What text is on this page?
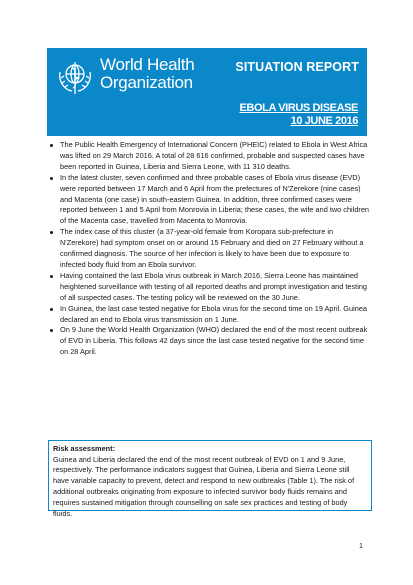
World Health
Organization
SITUATION REPORT
EBOLA VIRUS DISEASE
10 JUNE 2016
The Public Health Emergency of International Concern (PHEIC) related to Ebola in West Africa was lifted on 29 March 2016. A total of 28 616 confirmed, probable and suspected cases have been reported in Guinea, Liberia and Sierra Leone, with 11 310 deaths.
In the latest cluster, seven confirmed and three probable cases of Ebola virus disease (EVD) were reported between 17 March and 6 April from the prefectures of N'Zerekore (nine cases) and Macenta (one case) in south-eastern Guinea. In addition, three confirmed cases were reported between 1 and 5 April from Monrovia in Liberia; these cases, the wife and two children of the Macenta case, travelled from Macenta to Monrovia.
The index case of this cluster (a 37-year-old female from Koropara sub-prefecture in N'Zerekore) had symptom onset on or around 15 February and died on 27 February without a confirmed diagnosis. The source of her infection is likely to have been due to exposure to infected body fluid from an Ebola survivor.
Having contained the last Ebola virus outbreak in March 2016, Sierra Leone has maintained heightened surveillance with testing of all reported deaths and prompt investigation and testing of all suspected cases. The testing policy will be reviewed on the 30 June.
In Guinea, the last case tested negative for Ebola virus for the second time on 19 April. Guinea declared an end to Ebola virus transmission on 1 June.
On 9 June the World Health Organization (WHO) declared the end of the most recent outbreak of EVD in Liberia. This follows 42 days since the last case tested negative for the second time on 28 April.
Risk assessment:
Guinea and Liberia declared the end of the most recent outbreak of EVD on 1 and 9 June, respectively. The performance indicators suggest that Guinea, Liberia and Sierra Leone still have variable capacity to prevent, detect and respond to new outbreaks (Table 1). The risk of additional outbreaks originating from exposure to infected survivor body fluids remains and requires sustained mitigation through counselling on safe sex practices and testing of body fluids.
1
